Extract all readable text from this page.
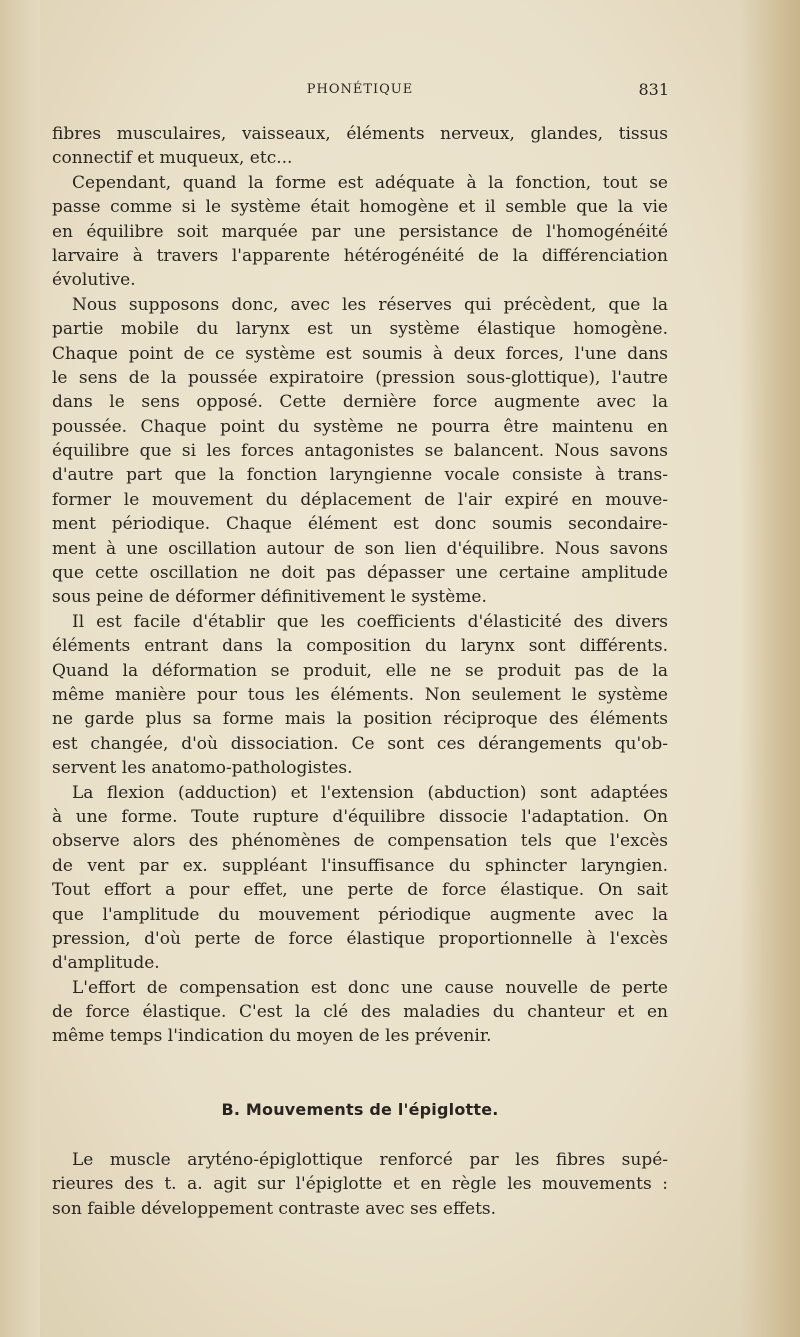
PHONÉTIQUE	831
fibres musculaires, vaisseaux, éléments nerveux, glandes, tissus
connectif et muqueux, etc...
Cependant, quand la forme est adéquate à la fonction, tout se
passe comme si le système était homogène et il semble que la vie
en équilibre soit marquée par une persistance de l'homogénéité
larvaire à travers l'apparente hétérogénéité de la différenciation
évolutive.
Nous supposons donc, avec les réserves qui précèdent, que la
partie mobile du larynx est un système élastique homogène.
Chaque point de ce système est soumis à deux forces, l'une dans
le sens de la poussée expiratoire (pression sous-glottique), l'autre
dans le sens opposé. Cette dernière force augmente avec la
poussée. Chaque point du système ne pourra être maintenu en
équilibre que si les forces antagonistes se balancent. Nous savons
d'autre part que la fonction laryngienne vocale consiste à trans-
former le mouvement du déplacement de l'air expiré en mouve-
ment périodique. Chaque élément est donc soumis secondaire-
ment à une oscillation autour de son lien d'équilibre. Nous savons
que cette oscillation ne doit pas dépasser une certaine amplitude
sous peine de déformer définitivement le système.
Il est facile d'établir que les coefficients d'élasticité des divers
éléments entrant dans la composition du larynx sont différents.
Quand la déformation se produit, elle ne se produit pas de la
même manière pour tous les éléments. Non seulement le système
ne garde plus sa forme mais la position réciproque des éléments
est changée, d'où dissociation. Ce sont ces dérangements qu'ob-
servent les anatomo-pathologistes.
La flexion (adduction) et l'extension (abduction) sont adaptées
à une forme. Toute rupture d'équilibre dissocie l'adaptation. On
observe alors des phénomènes de compensation tels que l'excès
de vent par ex. suppléant l'insuffisance du sphincter laryngien.
Tout effort a pour effet, une perte de force élastique. On sait
que l'amplitude du mouvement périodique augmente avec la
pression, d'où perte de force élastique proportionnelle à l'excès
d'amplitude.
L'effort de compensation est donc une cause nouvelle de perte
de force élastique. C'est la clé des maladies du chanteur et en
même temps l'indication du moyen de les prévenir.
B. Mouvements de l'épiglotte.
Le muscle aryténo-épiglottique renforcé par les fibres supé-
rieures des t. a. agit sur l'épiglotte et en règle les mouvements :
son faible développement contraste avec ses effets.
